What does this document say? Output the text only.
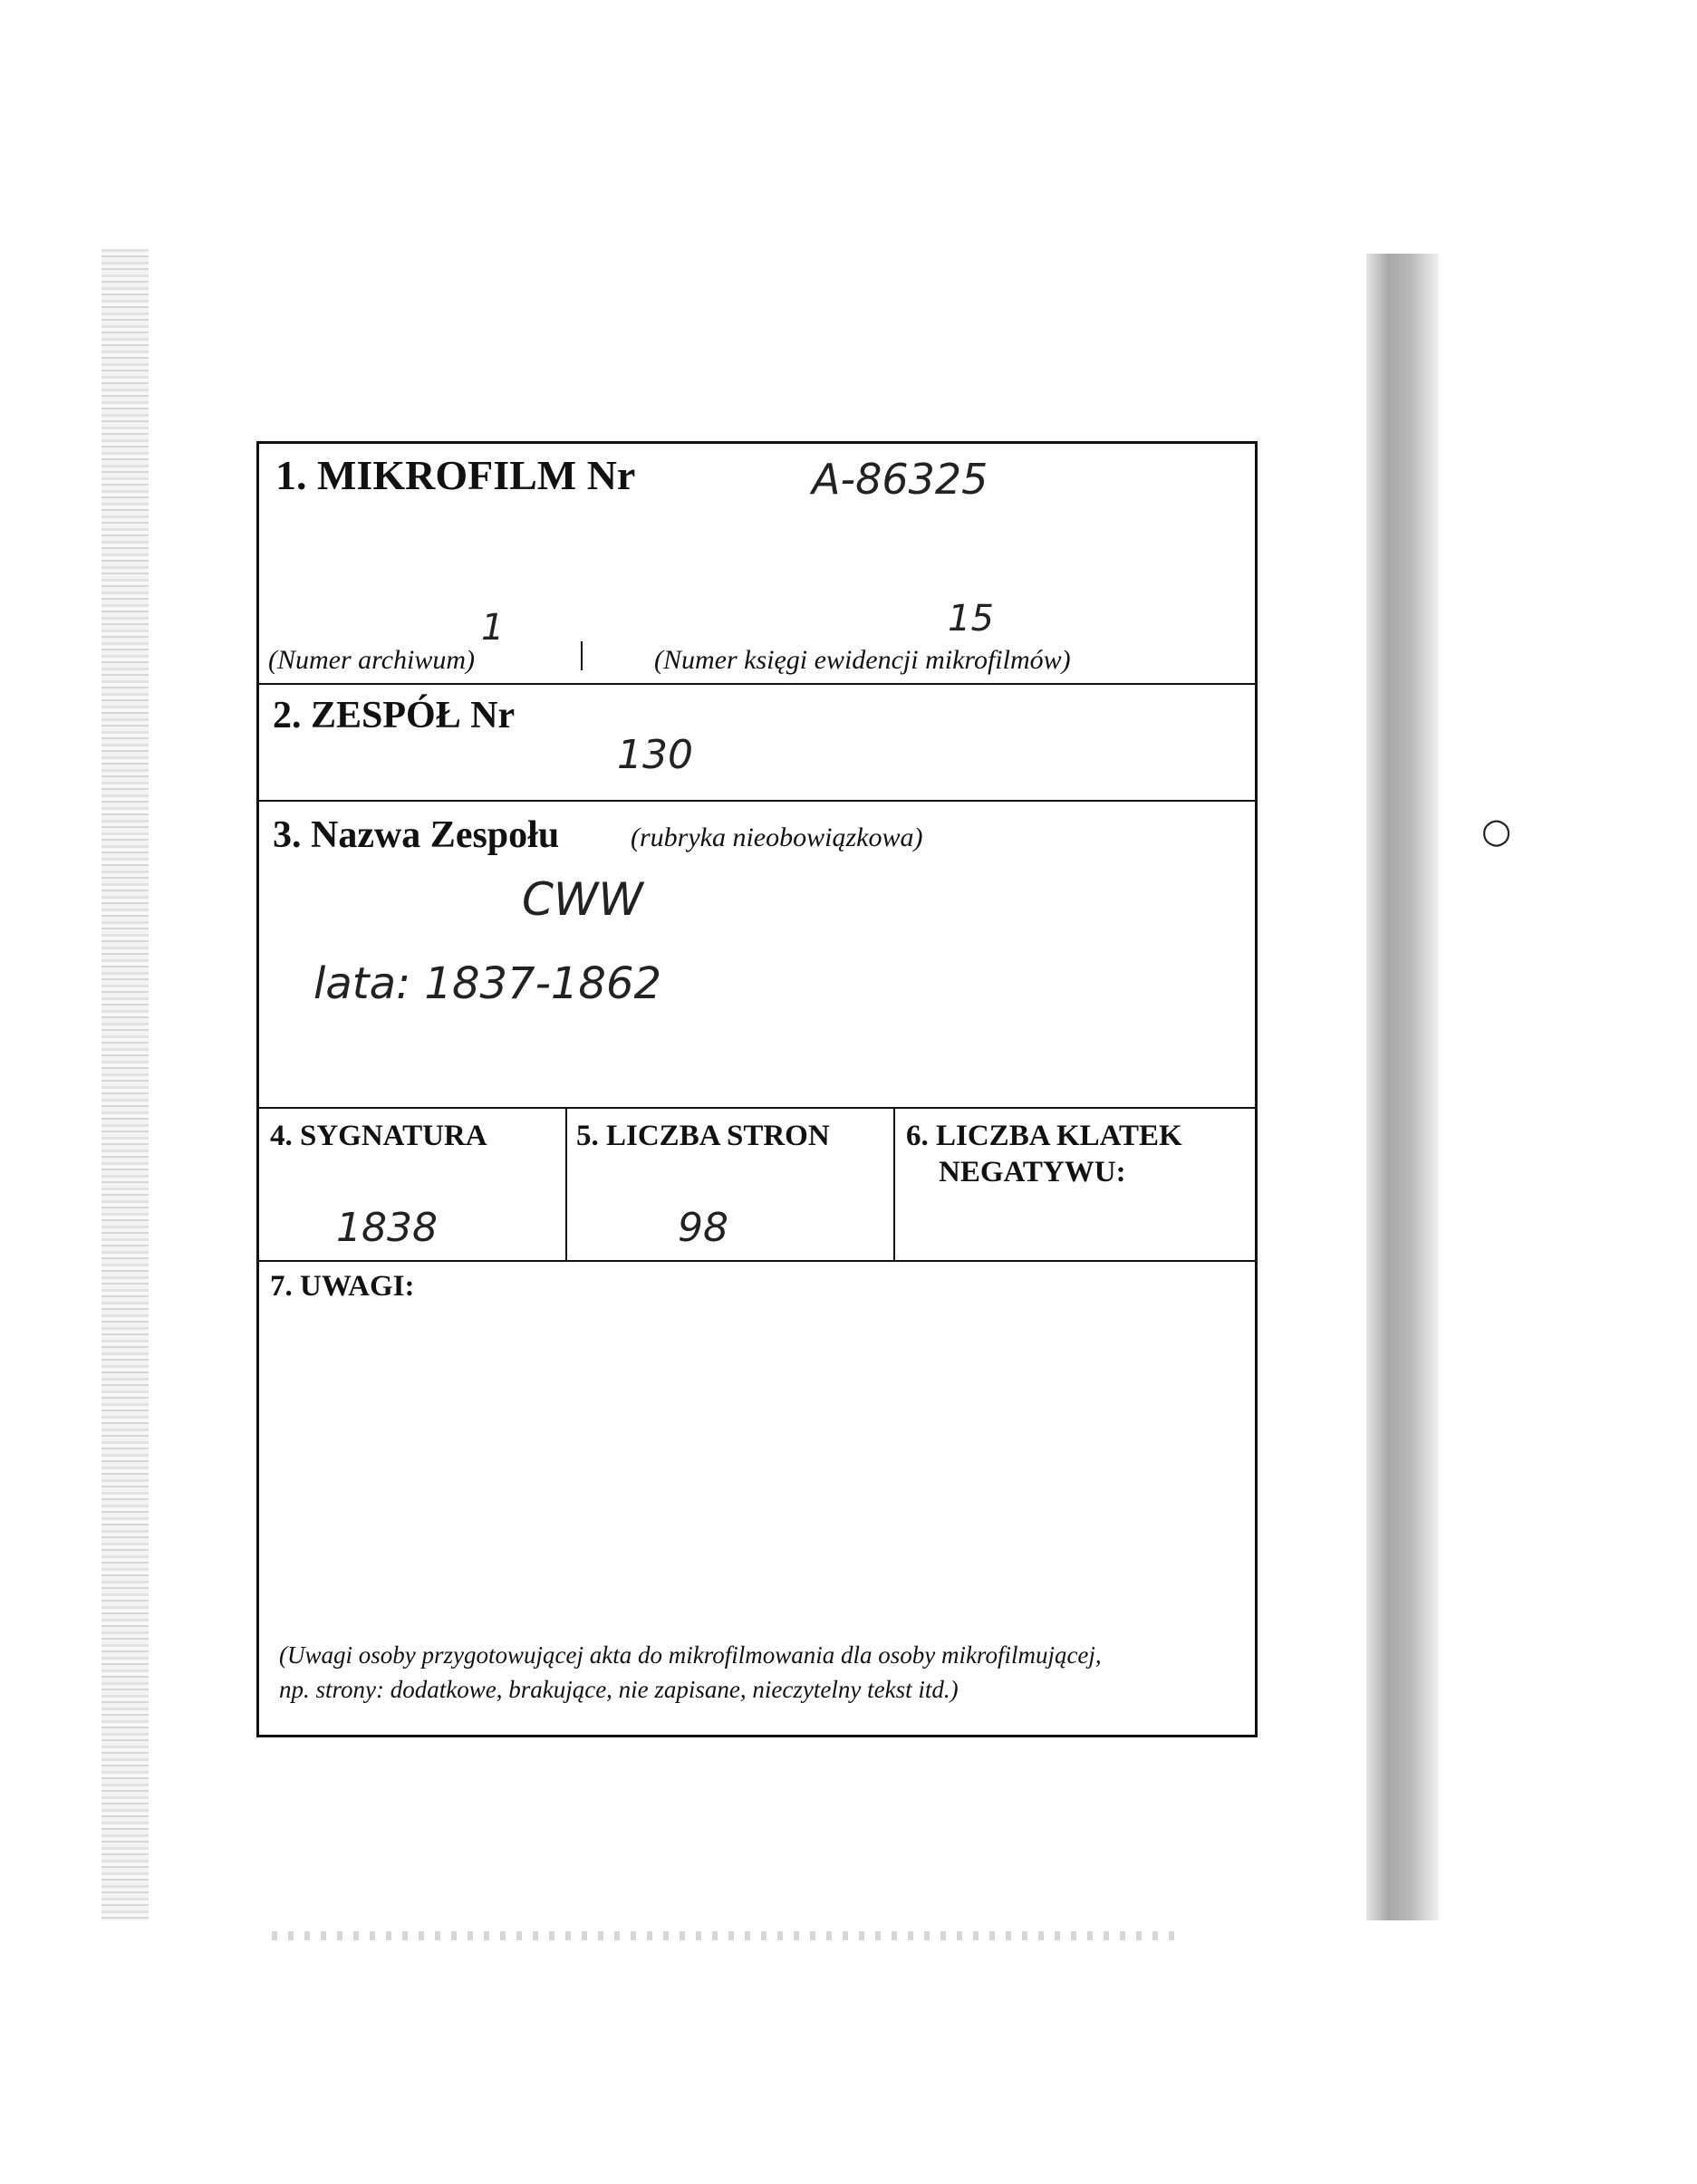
○
1. MIKROFILM Nr	A-86325
1	15
(Numer archiwum)	(Numer księgi ewidencji mikrofilmów)
2. ZESPÓŁ Nr
130
3. Nazwa Zespołu	(rubryka nieobowiązkowa)
CWW
lata: 1837-1862
4. SYGNATURA
1838
5. LICZBA STRON
98
6. LICZBA KLATEK
NEGATYWU:
7. UWAGI:
(Uwagi osoby przygotowującej akta do mikrofilmowania dla osoby mikrofilmującej,
np. strony: dodatkowe, brakujące, nie zapisane, nieczytelny tekst itd.)
